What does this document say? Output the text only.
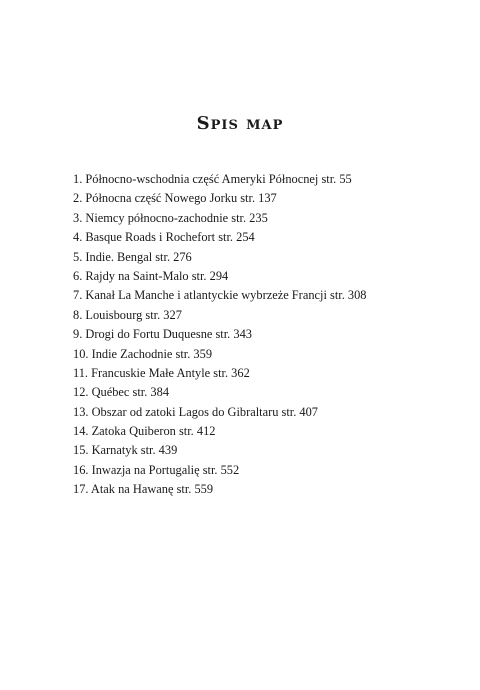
Spis map
1. Północno-wschodnia część Ameryki Północnej str. 55
2. Północna część Nowego Jorku str. 137
3. Niemcy północno-zachodnie str. 235
4. Basque Roads i Rochefort str. 254
5. Indie. Bengal str. 276
6. Rajdy na Saint-Malo str. 294
7. Kanał La Manche i atlantyckie wybrzeże Francji str. 308
8. Louisbourg str. 327
9. Drogi do Fortu Duquesne str. 343
10. Indie Zachodnie str. 359
11. Francuskie Małe Antyle str. 362
12. Québec str. 384
13. Obszar od zatoki Lagos do Gibraltaru str. 407
14. Zatoka Quiberon str. 412
15. Karnatyk str. 439
16. Inwazja na Portugalię str. 552
17. Atak na Hawanę str. 559
